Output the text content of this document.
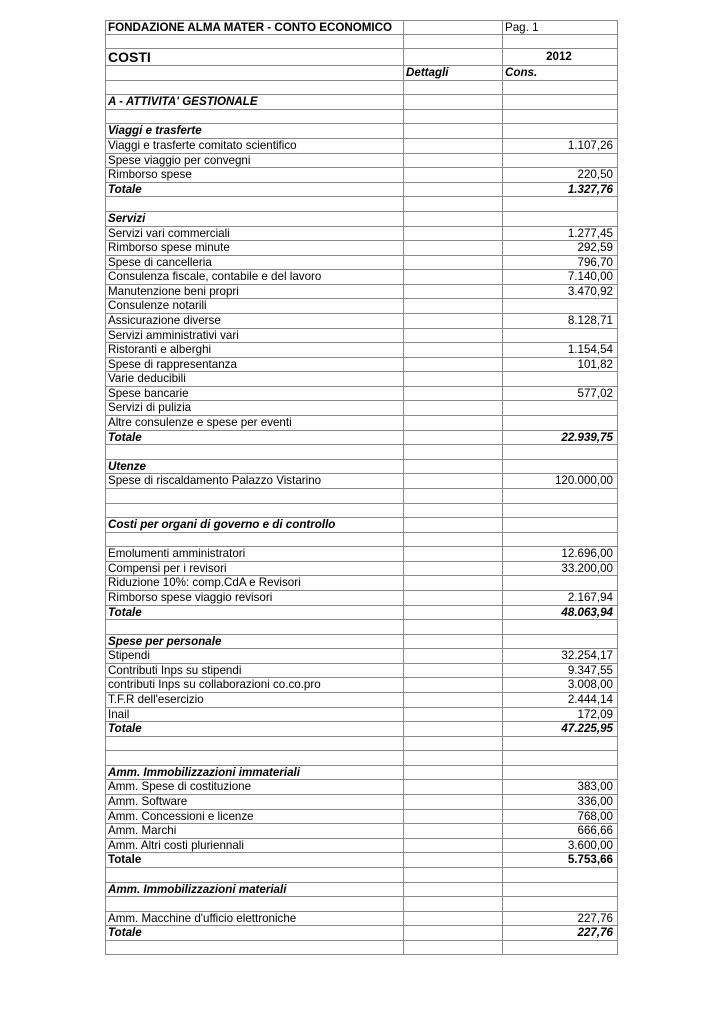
FONDAZIONE ALMA MATER - CONTO ECONOMICO	Pag. 1
COSTI	2012
Dettagli	Cons.
A - ATTIVITA' GESTIONALE
Viaggi e trasferte
Viaggi e trasferte comitato scientifico	1.107,26
Spese viaggio per convegni
Rimborso spese	220,50
Totale	1.327,76
Servizi
Servizi vari commerciali	1.277,45
Rimborso spese minute	292,59
Spese di cancelleria	796,70
Consulenza fiscale, contabile e del lavoro	7.140,00
Manutenzione beni propri	3.470,92
Consulenze notarili
Assicurazione diverse	8.128,71
Servizi amministrativi vari
Ristoranti e alberghi	1.154,54
Spese di rappresentanza	101,82
Varie deducibili
Spese bancarie	577,02
Servizi di pulizia
Altre consulenze e spese per eventi
Totale	22.939,75
Utenze
Spese di riscaldamento Palazzo Vistarino	120.000,00
Costi per organi di governo e di controllo
Emolumenti amministratori	12.696,00
Compensi per i revisori	33.200,00
Riduzione 10%: comp.CdA e Revisori
Rimborso spese viaggio revisori	2.167,94
Totale	48.063,94
Spese per personale
Stipendi	32.254,17
Contributi Inps su stipendi	9.347,55
contributi Inps su collaborazioni co.co.pro	3.008,00
T.F.R dell'esercizio	2.444,14
Inail	172,09
Totale	47.225,95
Amm. Immobilizzazioni immateriali
Amm. Spese di costituzione	383,00
Amm. Software	336,00
Amm. Concessioni e licenze	768,00
Amm. Marchi	666,66
Amm. Altri costi pluriennali	3.600,00
Totale	5.753,66
Amm. Immobilizzazioni materiali
Amm. Macchine d'ufficio elettroniche	227,76
Totale	227,76
